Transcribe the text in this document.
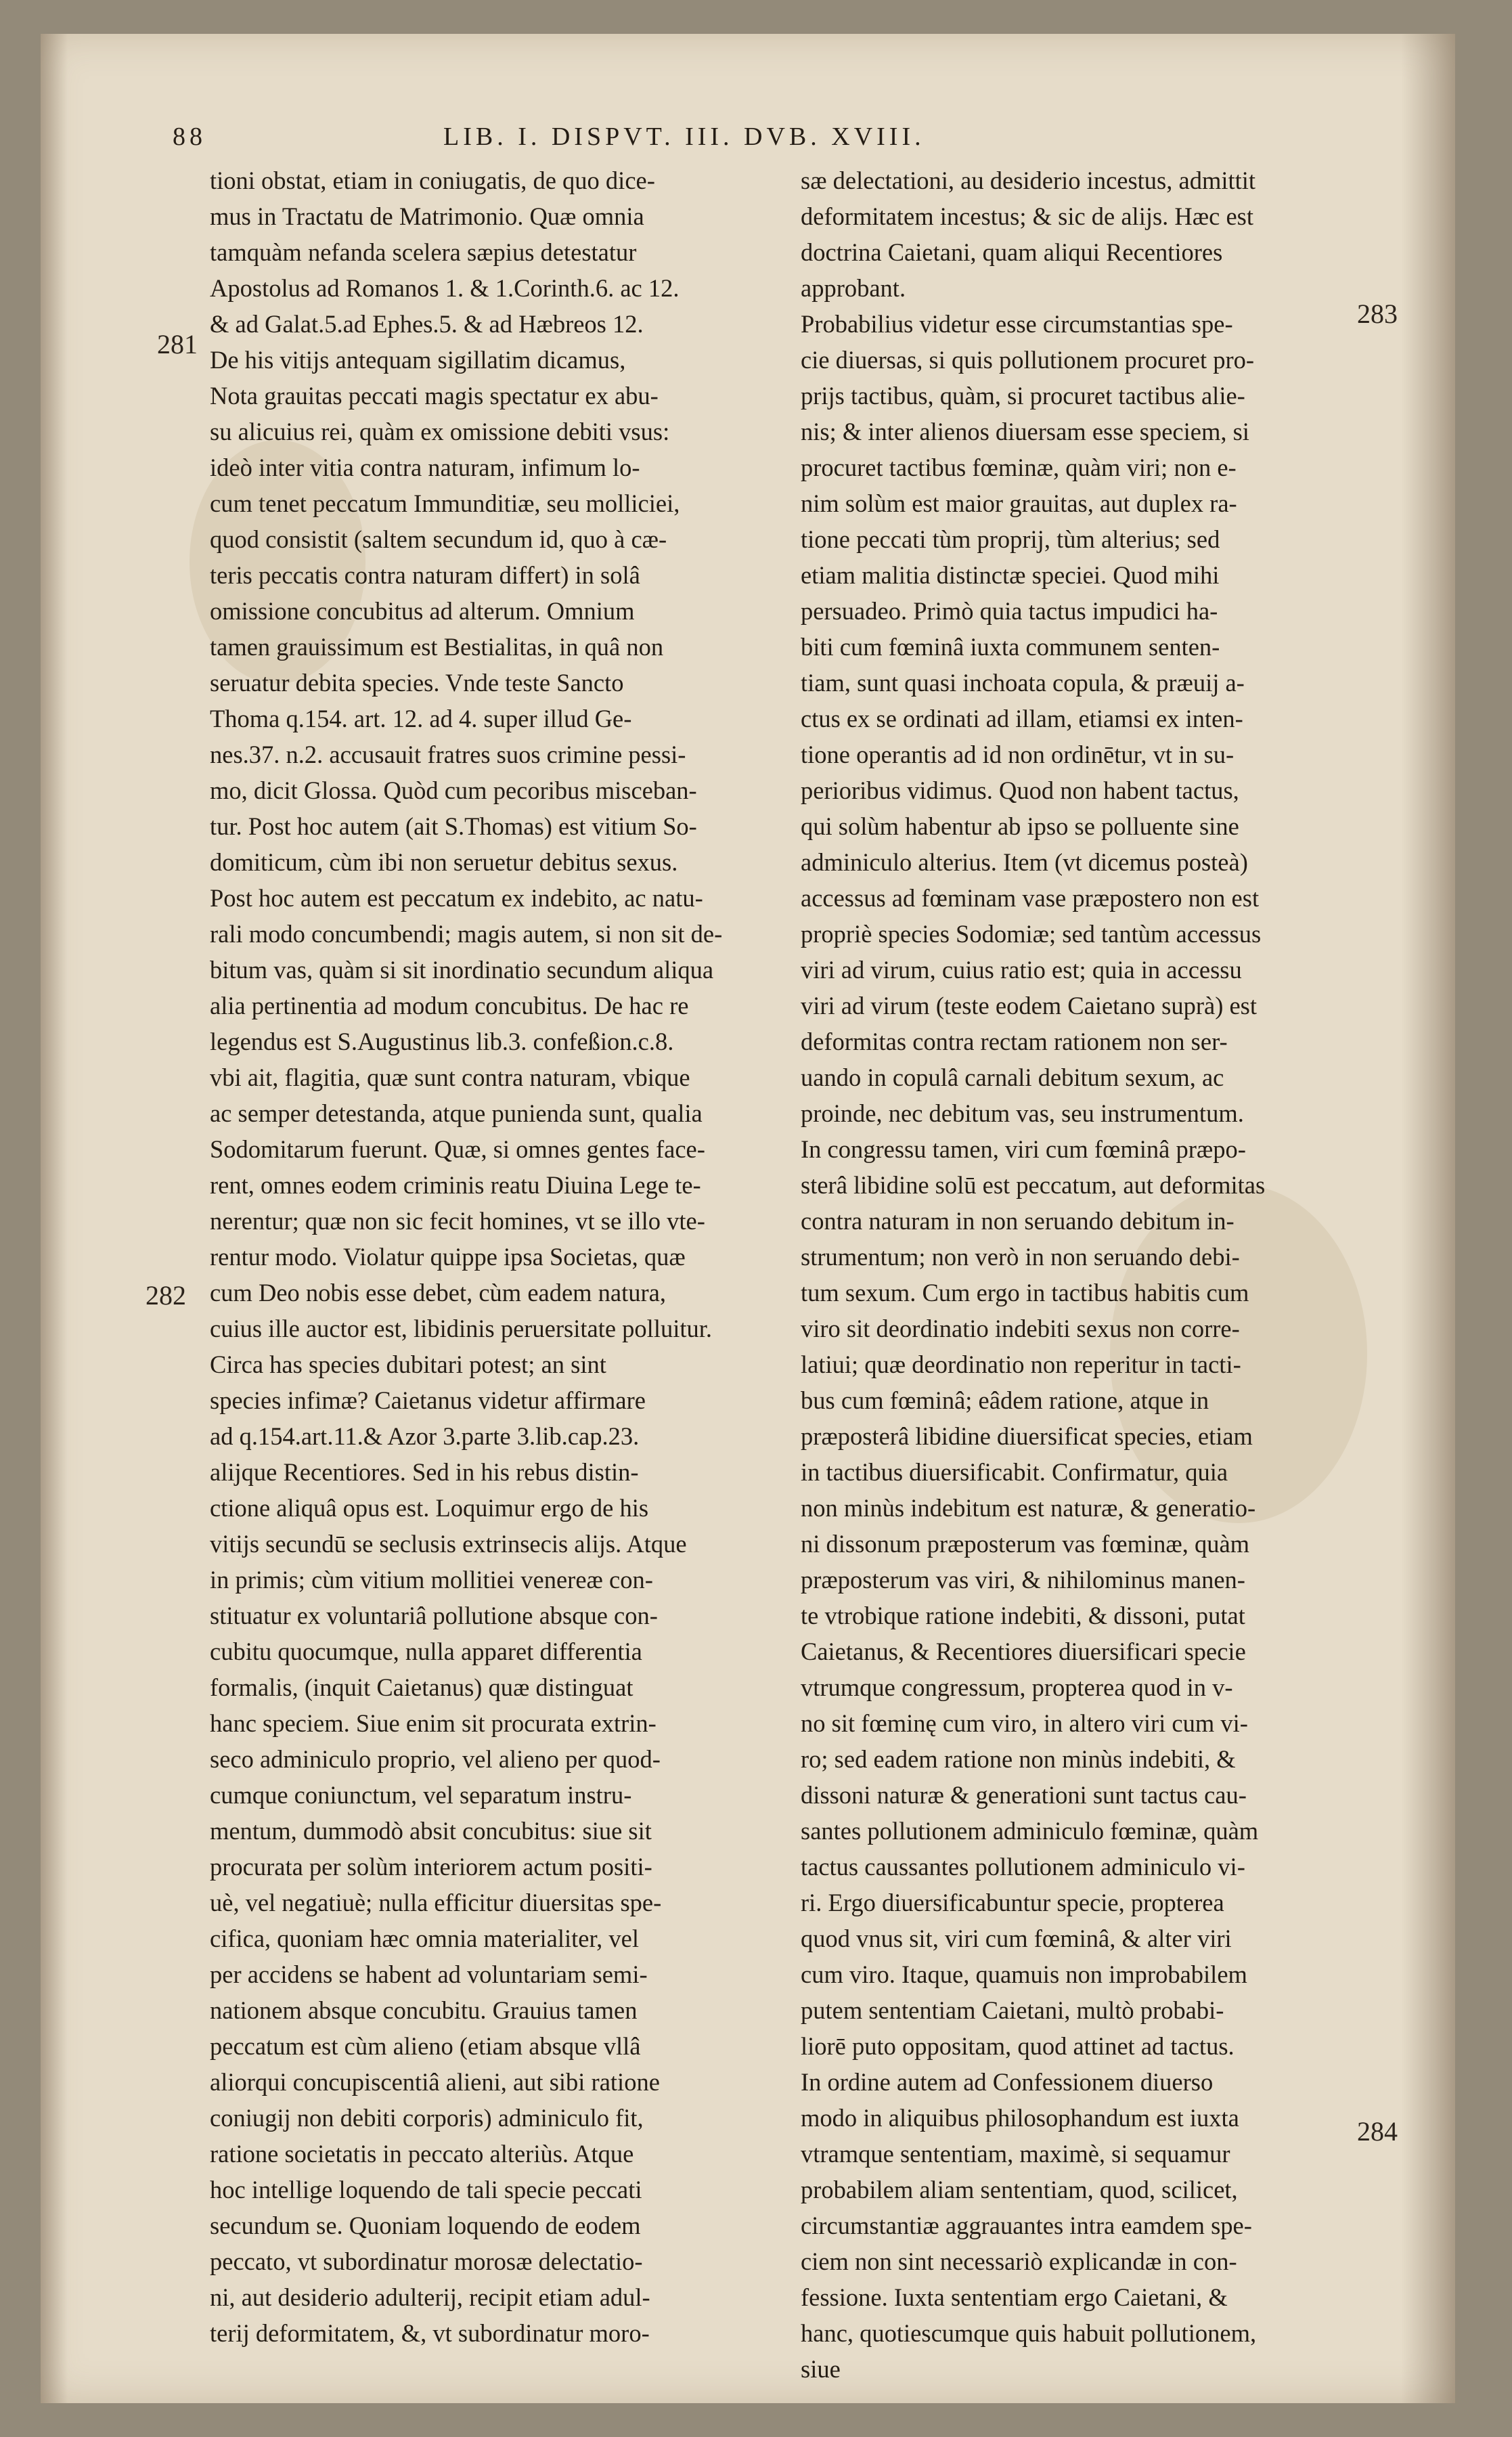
88	LIB. I. DISPVT. III. DVB. XVIII.
281
282
283
284
tioni obstat, etiam in coniugatis, de quo dice-
mus in Tractatu de Matrimonio. Quæ omnia
tamquàm nefanda scelera sæpius detestatur
Apostolus ad Romanos 1. & 1.Corinth.6. ac 12.
& ad Galat.5.ad Ephes.5. & ad Hæbreos 12.
De his vitijs antequam sigillatim dicamus,
Nota grauitas peccati magis spectatur ex abu-
su alicuius rei, quàm ex omissione debiti vsus:
ideò inter vitia contra naturam, infimum lo-
cum tenet peccatum Immunditiæ, seu molliciei,
quod consistit (saltem secundum id, quo à cæ-
teris peccatis contra naturam differt) in solâ
omissione concubitus ad alterum. Omnium
tamen grauissimum est Bestialitas, in quâ non
seruatur debita species. Vnde teste Sancto
Thoma q.154. art. 12. ad 4. super illud Ge-
nes.37. n.2. accusauit fratres suos crimine pessi-
mo, dicit Glossa. Quòd cum pecoribus misceban-
tur. Post hoc autem (ait S.Thomas) est vitium So-
domiticum, cùm ibi non seruetur debitus sexus.
Post hoc autem est peccatum ex indebito, ac natu-
rali modo concumbendi; magis autem, si non sit de-
bitum vas, quàm si sit inordinatio secundum aliqua
alia pertinentia ad modum concubitus. De hac re
legendus est S.Augustinus lib.3. confeßion.c.8.
vbi ait, flagitia, quæ sunt contra naturam, vbique
ac semper detestanda, atque punienda sunt, qualia
Sodomitarum fuerunt. Quæ, si omnes gentes face-
rent, omnes eodem criminis reatu Diuina Lege te-
nerentur; quæ non sic fecit homines, vt se illo vte-
rentur modo. Violatur quippe ipsa Societas, quæ
cum Deo nobis esse debet, cùm eadem natura,
cuius ille auctor est, libidinis peruersitate polluitur.
Circa has species dubitari potest; an sint
species infimæ? Caietanus videtur affirmare
ad q.154.art.11.& Azor 3.parte 3.lib.cap.23.
alijque Recentiores. Sed in his rebus distin-
ctione aliquâ opus est. Loquimur ergo de his
vitijs secundū se seclusis extrinsecis alijs. Atque
in primis; cùm vitium mollitiei venereæ con-
stituatur ex voluntariâ pollutione absque con-
cubitu quocumque, nulla apparet differentia
formalis, (inquit Caietanus) quæ distinguat
hanc speciem. Siue enim sit procurata extrin-
seco adminiculo proprio, vel alieno per quod-
cumque coniunctum, vel separatum instru-
mentum, dummodò absit concubitus: siue sit
procurata per solùm interiorem actum positi-
uè, vel negatiuè; nulla efficitur diuersitas spe-
cifica, quoniam hæc omnia materialiter, vel
per accidens se habent ad voluntariam semi-
nationem absque concubitu. Grauius tamen
peccatum est cùm alieno (etiam absque vllâ
aliorqui concupiscentiâ alieni, aut sibi ratione
coniugij non debiti corporis) adminiculo fit,
ratione societatis in peccato alteriùs. Atque
hoc intellige loquendo de tali specie peccati
secundum se. Quoniam loquendo de eodem
peccato, vt subordinatur morosæ delectatio-
ni, aut desiderio adulterij, recipit etiam adul-
terij deformitatem, &, vt subordinatur moro-
sæ delectationi, au desiderio incestus, admittit
deformitatem incestus; & sic de alijs. Hæc est
doctrina Caietani, quam aliqui Recentiores
approbant.
Probabilius videtur esse circumstantias spe-
cie diuersas, si quis pollutionem procuret pro-
prijs tactibus, quàm, si procuret tactibus alie-
nis; & inter alienos diuersam esse speciem, si
procuret tactibus fœminæ, quàm viri; non e-
nim solùm est maior grauitas, aut duplex ra-
tione peccati tùm proprij, tùm alterius; sed
etiam malitia distinctæ speciei. Quod mihi
persuadeo. Primò quia tactus impudici ha-
biti cum fœminâ iuxta communem senten-
tiam, sunt quasi inchoata copula, & præuij a-
ctus ex se ordinati ad illam, etiamsi ex inten-
tione operantis ad id non ordinētur, vt in su-
perioribus vidimus. Quod non habent tactus,
qui solùm habentur ab ipso se polluente sine
adminiculo alterius. Item (vt dicemus posteà)
accessus ad fœminam vase præpostero non est
propriè species Sodomiæ; sed tantùm accessus
viri ad virum, cuius ratio est; quia in accessu
viri ad virum (teste eodem Caietano suprà) est
deformitas contra rectam rationem non ser-
uando in copulâ carnali debitum sexum, ac
proinde, nec debitum vas, seu instrumentum.
In congressu tamen, viri cum fœminâ præpo-
sterâ libidine solū est peccatum, aut deformitas
contra naturam in non seruando debitum in-
strumentum; non verò in non seruando debi-
tum sexum. Cum ergo in tactibus habitis cum
viro sit deordinatio indebiti sexus non corre-
latiui; quæ deordinatio non reperitur in tacti-
bus cum fœminâ; eâdem ratione, atque in
præposterâ libidine diuersificat species, etiam
in tactibus diuersificabit. Confirmatur, quia
non minùs indebitum est naturæ, & generatio-
ni dissonum præposterum vas fœminæ, quàm
præposterum vas viri, & nihilominus manen-
te vtrobique ratione indebiti, & dissoni, putat
Caietanus, & Recentiores diuersificari specie
vtrumque congressum, propterea quod in v-
no sit fœminę cum viro, in altero viri cum vi-
ro; sed eadem ratione non minùs indebiti, &
dissoni naturæ & generationi sunt tactus cau-
santes pollutionem adminiculo fœminæ, quàm
tactus caussantes pollutionem adminiculo vi-
ri. Ergo diuersificabuntur specie, propterea
quod vnus sit, viri cum fœminâ, & alter viri
cum viro. Itaque, quamuis non improbabilem
putem sententiam Caietani, multò probabi-
liorē puto oppositam, quod attinet ad tactus.
In ordine autem ad Confessionem diuerso
modo in aliquibus philosophandum est iuxta
vtramque sententiam, maximè, si sequamur
probabilem aliam sententiam, quod, scilicet,
circumstantiæ aggrauantes intra eamdem spe-
ciem non sint necessariò explicandæ in con-
fessione. Iuxta sententiam ergo Caietani, &
hanc, quotiescumque quis habuit pollutionem,
siue
